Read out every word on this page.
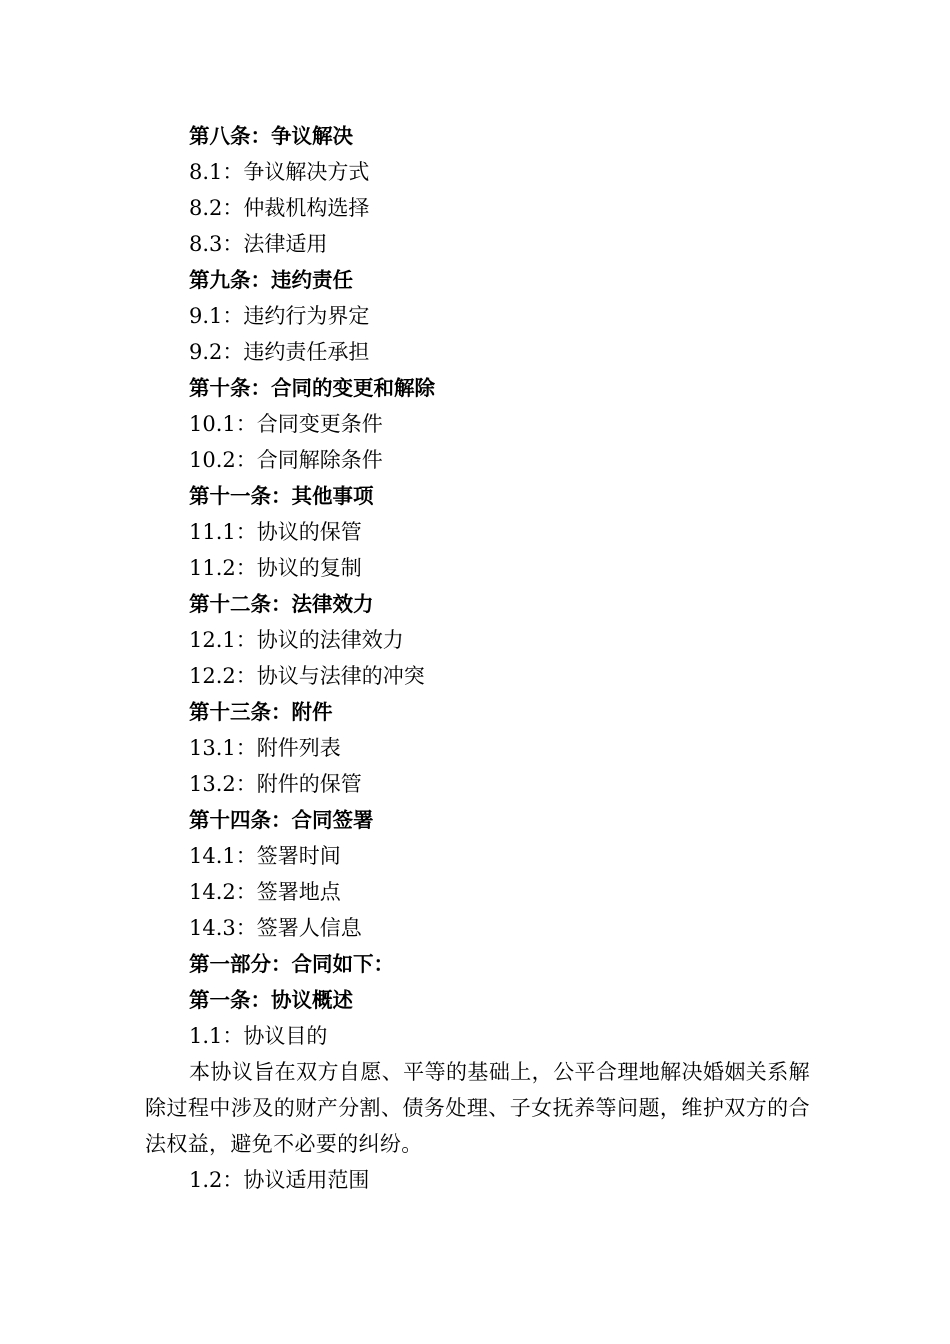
第八条：争议解决
8.1：争议解决方式
8.2：仲裁机构选择
8.3：法律适用
第九条：违约责任
9.1：违约行为界定
9.2：违约责任承担
第十条：合同的变更和解除
10.1：合同变更条件
10.2：合同解除条件
第十一条：其他事项
11.1：协议的保管
11.2：协议的复制
第十二条：法律效力
12.1：协议的法律效力
12.2：协议与法律的冲突
第十三条：附件
13.1：附件列表
13.2：附件的保管
第十四条：合同签署
14.1：签署时间
14.2：签署地点
14.3：签署人信息
第一部分：合同如下：
第一条：协议概述
1.1：协议目的
本协议旨在双方自愿、平等的基础上，公平合理地解决婚姻关系解除过程中涉及的财产分割、债务处理、子女抚养等问题，维护双方的合法权益，避免不必要的纠纷。
1.2：协议适用范围
